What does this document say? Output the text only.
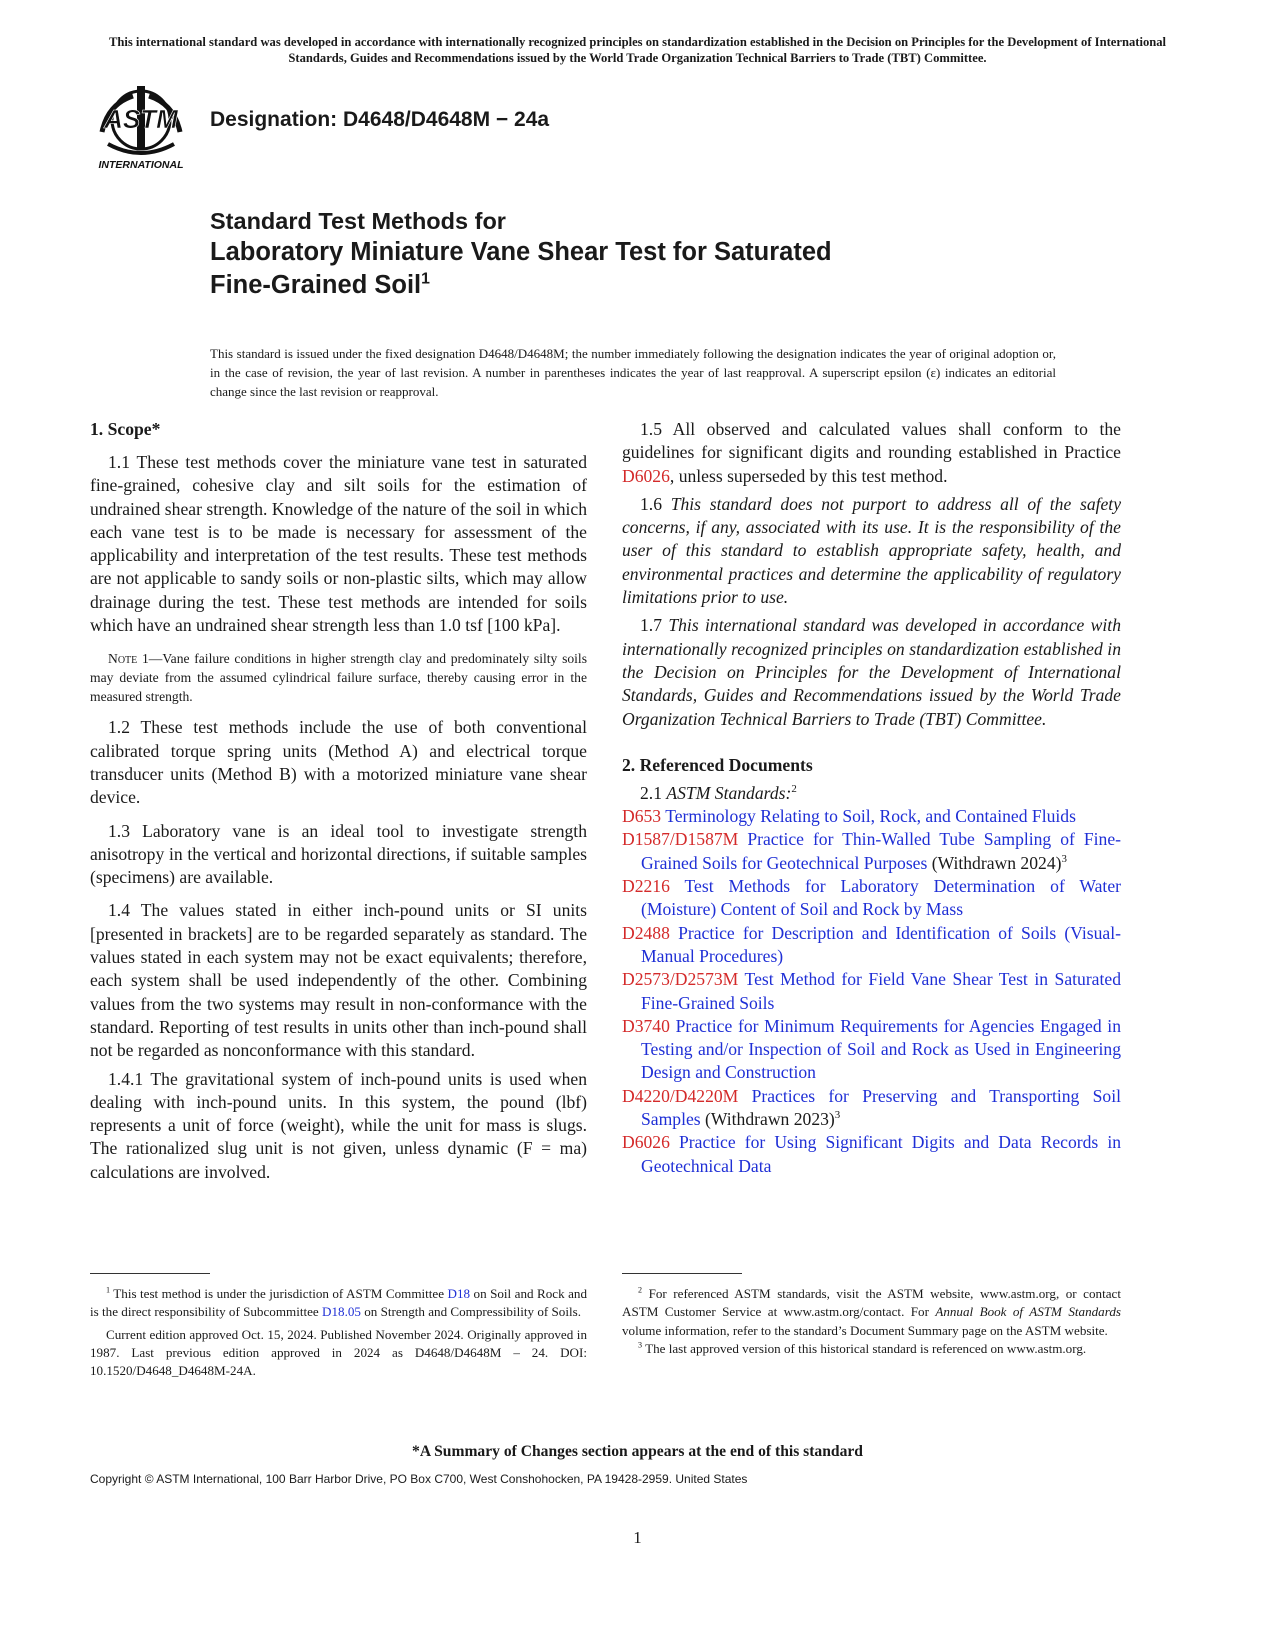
This international standard was developed in accordance with internationally recognized principles on standardization established in the Decision on Principles for the Development of International Standards, Guides and Recommendations issued by the World Trade Organization Technical Barriers to Trade (TBT) Committee.
ASTM
INTERNATIONAL
Designation: D4648/D4648M − 24a
Standard Test Methods for
Laboratory Miniature Vane Shear Test for Saturated
Fine-Grained Soil$^1$
This standard is issued under the fixed designation D4648/D4648M; the number immediately following the designation indicates the year of original adoption or, in the case of revision, the year of last revision. A number in parentheses indicates the year of last reapproval. A superscript epsilon (ε) indicates an editorial change since the last revision or reapproval.
1. Scope*

1.1 These test methods cover the miniature vane test in saturated fine-grained, cohesive clay and silt soils for the estimation of undrained shear strength. Knowledge of the nature of the soil in which each vane test is to be made is necessary for assessment of the applicability and interpretation of the test results. These test methods are not applicable to sandy soils or non-plastic silts, which may allow drainage during the test. These test methods are intended for soils which have an undrained shear strength less than 1.0 tsf [100 kPa].

Note 1—Vane failure conditions in higher strength clay and predominately silty soils may deviate from the assumed cylindrical failure surface, thereby causing error in the measured strength.

1.2 These test methods include the use of both conventional calibrated torque spring units (Method A) and electrical torque transducer units (Method B) with a motorized miniature vane shear device.

1.3 Laboratory vane is an ideal tool to investigate strength anisotropy in the vertical and horizontal directions, if suitable samples (specimens) are available.

1.4 The values stated in either inch-pound units or SI units [presented in brackets] are to be regarded separately as standard. The values stated in each system may not be exact equivalents; therefore, each system shall be used independently of the other. Combining values from the two systems may result in non-conformance with the standard. Reporting of test results in units other than inch-pound shall not be regarded as nonconformance with this standard.

1.4.1 The gravitational system of inch-pound units is used when dealing with inch-pound units. In this system, the pound (lbf) represents a unit of force (weight), while the unit for mass is slugs. The rationalized slug unit is not given, unless dynamic (F = ma) calculations are involved.

1.5 All observed and calculated values shall conform to the guidelines for significant digits and rounding established in Practice D6026, unless superseded by this test method.

1.6 This standard does not purport to address all of the safety concerns, if any, associated with its use. It is the responsibility of the user of this standard to establish appropriate safety, health, and environmental practices and determine the applicability of regulatory limitations prior to use.

1.7 This international standard was developed in accordance with internationally recognized principles on standardization established in the Decision on Principles for the Development of International Standards, Guides and Recommendations issued by the World Trade Organization Technical Barriers to Trade (TBT) Committee.

2. Referenced Documents

2.1 ASTM Standards:$^2$

D653 Terminology Relating to Soil, Rock, and Contained Fluids

D1587/D1587M Practice for Thin-Walled Tube Sampling of Fine-Grained Soils for Geotechnical Purposes (Withdrawn 2024)$^3$

D2216 Test Methods for Laboratory Determination of Water (Moisture) Content of Soil and Rock by Mass

D2488 Practice for Description and Identification of Soils (Visual-Manual Procedures)

D2573/D2573M Test Method for Field Vane Shear Test in Saturated Fine-Grained Soils

D3740 Practice for Minimum Requirements for Agencies Engaged in Testing and/or Inspection of Soil and Rock as Used in Engineering Design and Construction

D4220/D4220M Practices for Preserving and Transporting Soil Samples (Withdrawn 2023)$^3$

D6026 Practice for Using Significant Digits and Data Records in Geotechnical Data

$^1$ This test method is under the jurisdiction of ASTM Committee D18 on Soil and Rock and is the direct responsibility of Subcommittee D18.05 on Strength and Compressibility of Soils.

Current edition approved Oct. 15, 2024. Published November 2024. Originally approved in 1987. Last previous edition approved in 2024 as D4648/D4648M – 24. DOI: 10.1520/D4648_D4648M-24A.

$^2$ For referenced ASTM standards, visit the ASTM website, www.astm.org, or contact ASTM Customer Service at www.astm.org/contact. For Annual Book of ASTM Standards volume information, refer to the standard’s Document Summary page on the ASTM website.

$^3$ The last approved version of this historical standard is referenced on www.astm.org.

*A Summary of Changes section appears at the end of this standard
Copyright © ASTM International, 100 Barr Harbor Drive, PO Box C700, West Conshohocken, PA 19428-2959. United States
1
